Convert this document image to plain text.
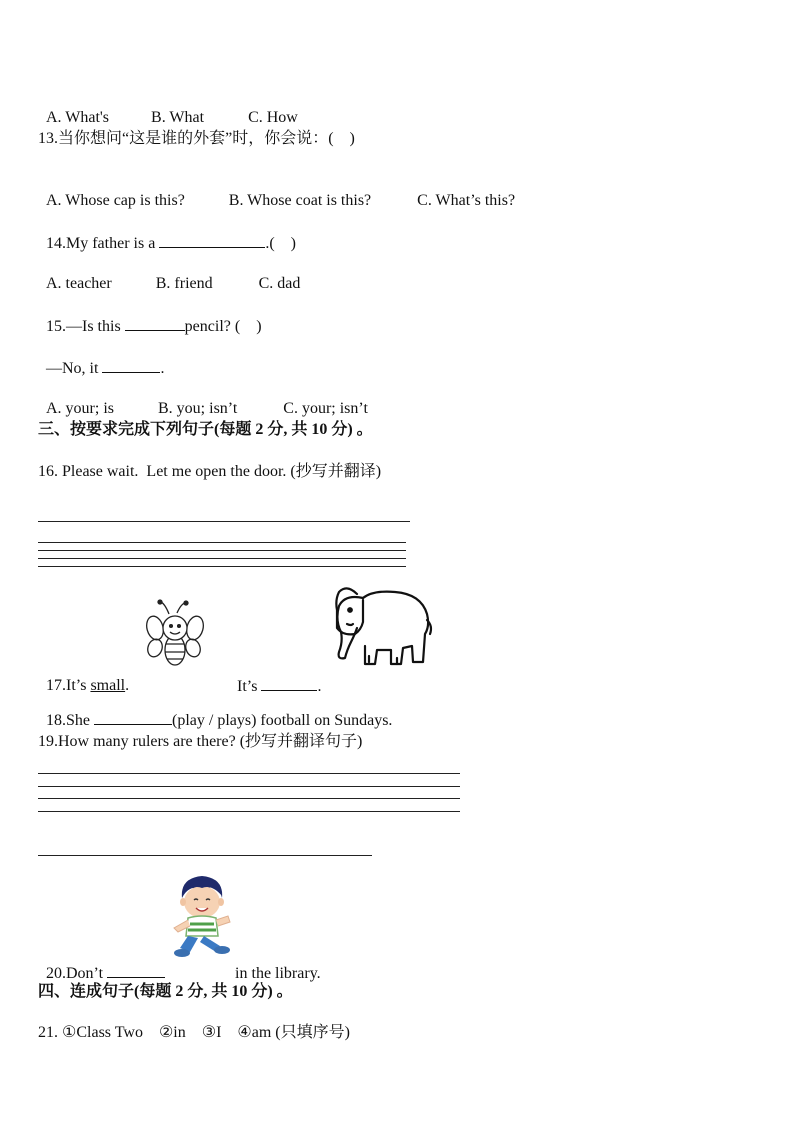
A. What's	B. What	C. How

13.当你想问“这是谁的外套”时，你会说：(    )

A. Whose cap is this?	B. Whose coat is this?	C. What’s this?

14.My father is a	.(    )

A. teacher	B. friend	C. dad

15.—Is this	pencil? (    )

—No, it	.

A. your; is	B. you; isn’t	C. your; isn’t

三、按要求完成下列句子(每题 2 分, 共 10 分) 。
16. Please wait.  Let me open the door. (抄写并翻译)

17.It’s small.	It’s	.

18.She	(play / plays) football on Sundays.

19.How many rulers are there? (抄写并翻译句子)

20.Don’t	in the library.

四、连成句子(每题 2 分, 共 10 分) 。
21. ①Class Two    ②in    ③I    ④am (只填序号)
